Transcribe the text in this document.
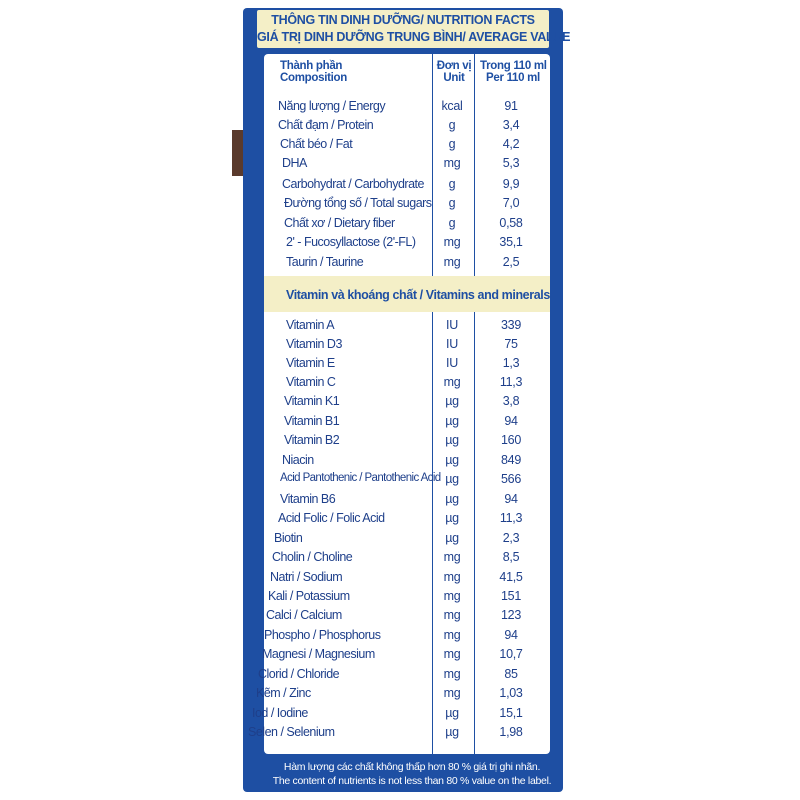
THÔNG TIN DINH DƯỠNG/ NUTRITION FACTS
GIÁ TRỊ DINH DƯỠNG TRUNG BÌNH/ AVERAGE VALUE
Thành phần
Composition
Đơn vị
Unit
Trong 110 ml
Per 110 ml
Năng lượng / Energy	kcal	91
Chất đạm / Protein	g	3,4
Chất béo / Fat	g	4,2
DHA	mg	5,3
Carbohydrat / Carbohydrate	g	9,9
Đường tổng số / Total sugars	g	7,0
Chất xơ / Dietary fiber	g	0,58
2' - Fucosyllactose (2'-FL)	mg	35,1
Taurin / Taurine	mg	2,5
Vitamin và khoáng chất / Vitamins and minerals
Vitamin A	IU	339
Vitamin D3	IU	75
Vitamin E	IU	1,3
Vitamin C	mg	11,3
Vitamin K1	µg	3,8
Vitamin B1	µg	94
Vitamin B2	µg	160
Niacin	µg	849
Acid Pantothenic / Pantothenic Acid µg	566
Vitamin B6	µg	94
Acid Folic / Folic Acid	µg	11,3
Biotin	µg	2,3
Cholin / Choline	mg	8,5
Natri / Sodium	mg	41,5
Kali / Potassium	mg	151
Calci / Calcium	mg	123
Phospho / Phosphorus	mg	94
Magnesi / Magnesium	mg	10,7
Clorid / Chloride	mg	85
Kẽm / Zinc	mg	1,03
Iod / Iodine	µg	15,1
Selen / Selenium	µg	1,98
Hàm lượng các chất không thấp hơn 80 % giá trị ghi nhãn.
The content of nutrients is not less than 80 % value on the label.
